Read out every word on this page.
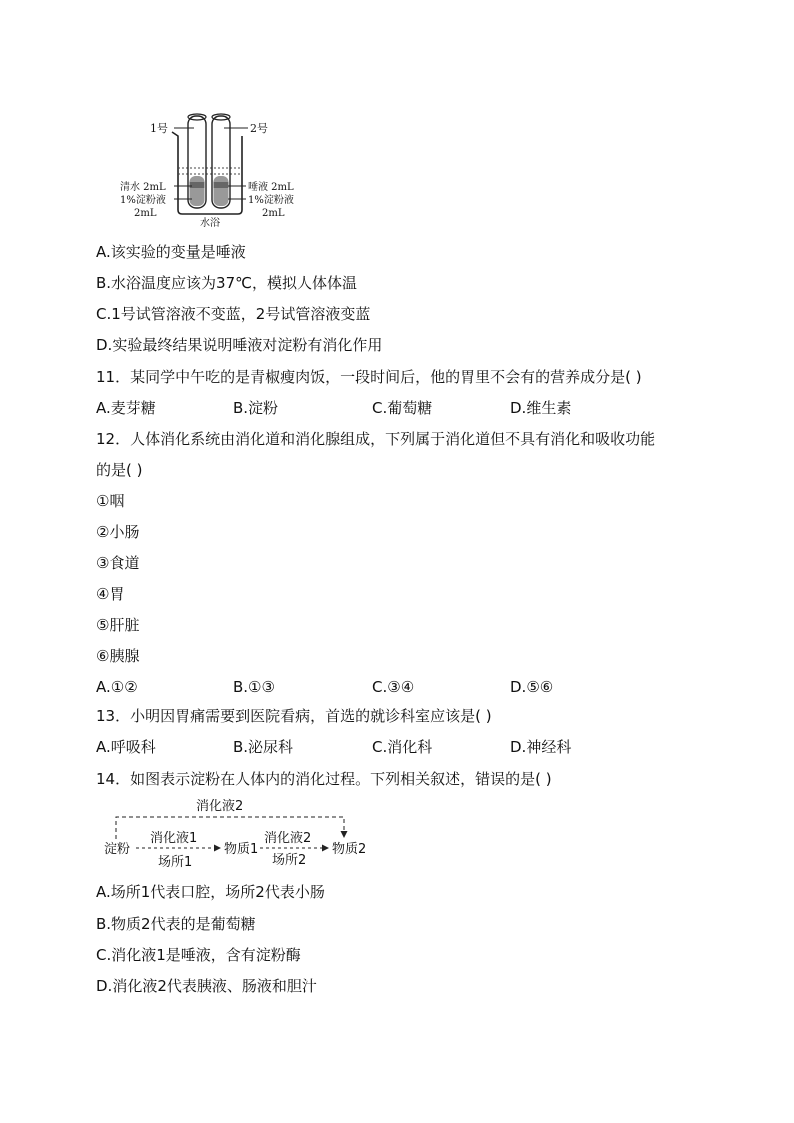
1号	2号
清水 2mL
1%淀粉液
2mL
唾液 2mL
1%淀粉液
2mL
水浴
A.该实验的变量是唾液
B.水浴温度应该为37℃，模拟人体体温
C.1号试管溶液不变蓝，2号试管溶液变蓝
D.实验最终结果说明唾液对淀粉有消化作用
11．某同学中午吃的是青椒瘦肉饭，一段时间后，他的胃里不会有的营养成分是( )
A.麦芽糖	B.淀粉	C.葡萄糖	D.维生素
12．人体消化系统由消化道和消化腺组成，下列属于消化道但不具有消化和吸收功能
的是( )
①咽
②小肠
③食道
④胃
⑤肝脏
⑥胰腺
A.①②	B.①③	C.③④	D.⑤⑥
13．小明因胃痛需要到医院看病，首选的就诊科室应该是( )
A.呼吸科	B.泌尿科	C.消化科	D.神经科
14．如图表示淀粉在人体内的消化过程。下列相关叙述，错误的是( )
消化液2
淀粉
消化液1
场所1
物质1
消化液2
场所2
物质2
A.场所1代表口腔，场所2代表小肠
B.物质2代表的是葡萄糖
C.消化液1是唾液，含有淀粉酶
D.消化液2代表胰液、肠液和胆汁
